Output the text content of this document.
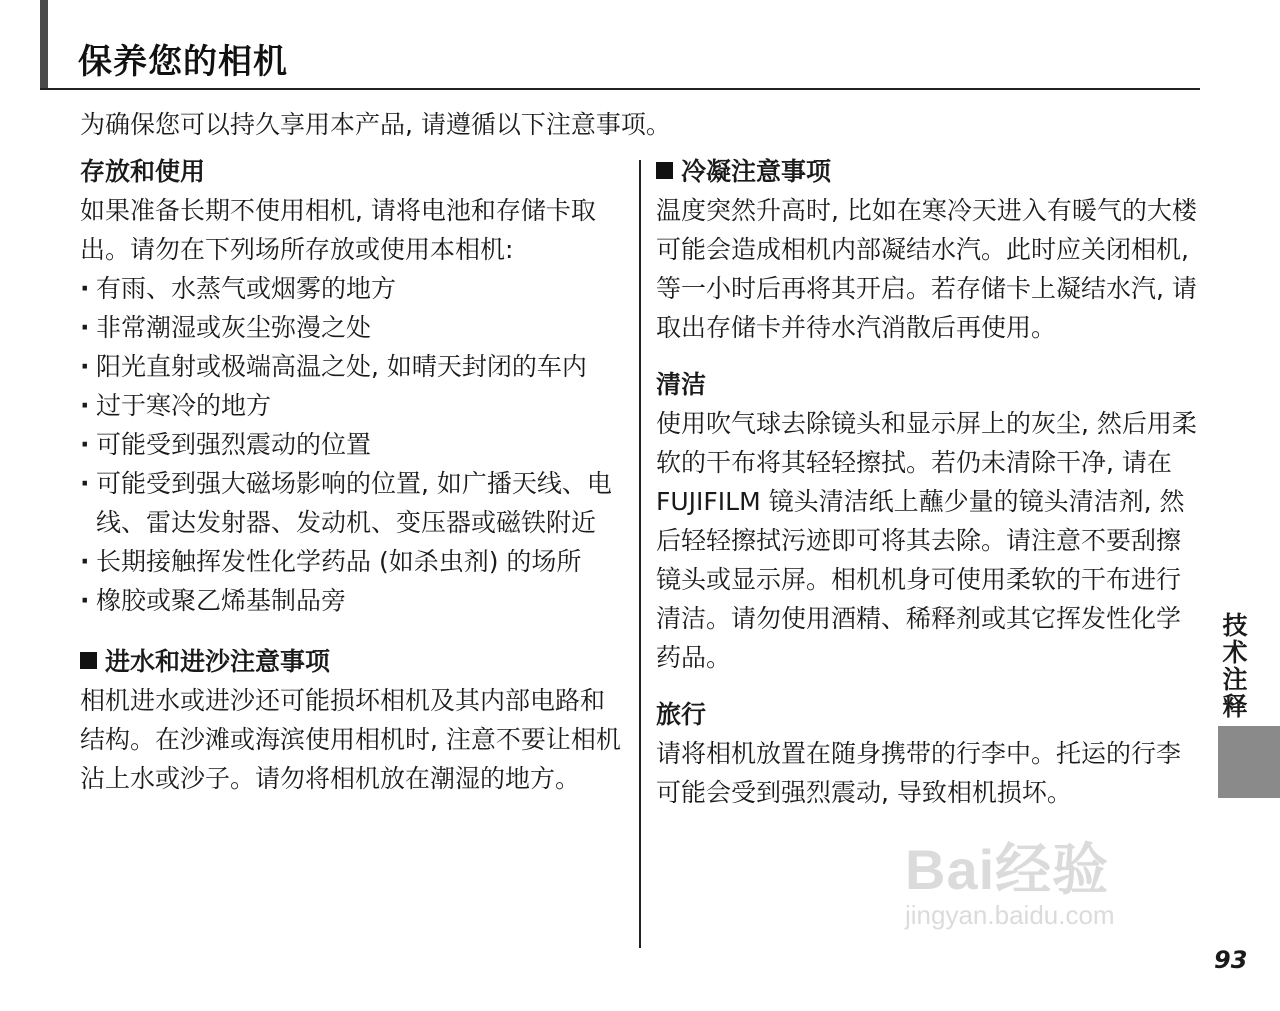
保养您的相机
为确保您可以持久享用本产品, 请遵循以下注意事项。
存放和使用

如果准备长期不使用相机, 请将电池和存储卡取出。请勿在下列场所存放或使用本相机:

· 有雨、水蒸气或烟雾的地方
· 非常潮湿或灰尘弥漫之处
· 阳光直射或极端高温之处, 如晴天封闭的车内
· 过于寒冷的地方
· 可能受到强烈震动的位置
· 可能受到强大磁场影响的位置, 如广播天线、电线、雷达发射器、发动机、变压器或磁铁附近
· 长期接触挥发性化学药品 (如杀虫剂) 的场所
· 橡胶或聚乙烯基制品旁
进水和进沙注意事项

相机进水或进沙还可能损坏相机及其内部电路和结构。在沙滩或海滨使用相机时, 注意不要让相机沾上水或沙子。请勿将相机放在潮湿的地方。

冷凝注意事项

温度突然升高时, 比如在寒冷天进入有暖气的大楼可能会造成相机内部凝结水汽。此时应关闭相机, 等一小时后再将其开启。若存储卡上凝结水汽, 请取出存储卡并待水汽消散后再使用。

清洁

使用吹气球去除镜头和显示屏上的灰尘, 然后用柔软的干布将其轻轻擦拭。若仍未清除干净, 请在 FUJIFILM 镜头清洁纸上蘸少量的镜头清洁剂, 然后轻轻擦拭污迹即可将其去除。请注意不要刮擦镜头或显示屏。相机机身可使用柔软的干布进行清洁。请勿使用酒精、稀释剂或其它挥发性化学药品。

旅行

请将相机放置在随身携带的行李中。托运的行李可能会受到强烈震动, 导致相机损坏。

技术注释
Bai经验
jingyan.baidu.com
93
